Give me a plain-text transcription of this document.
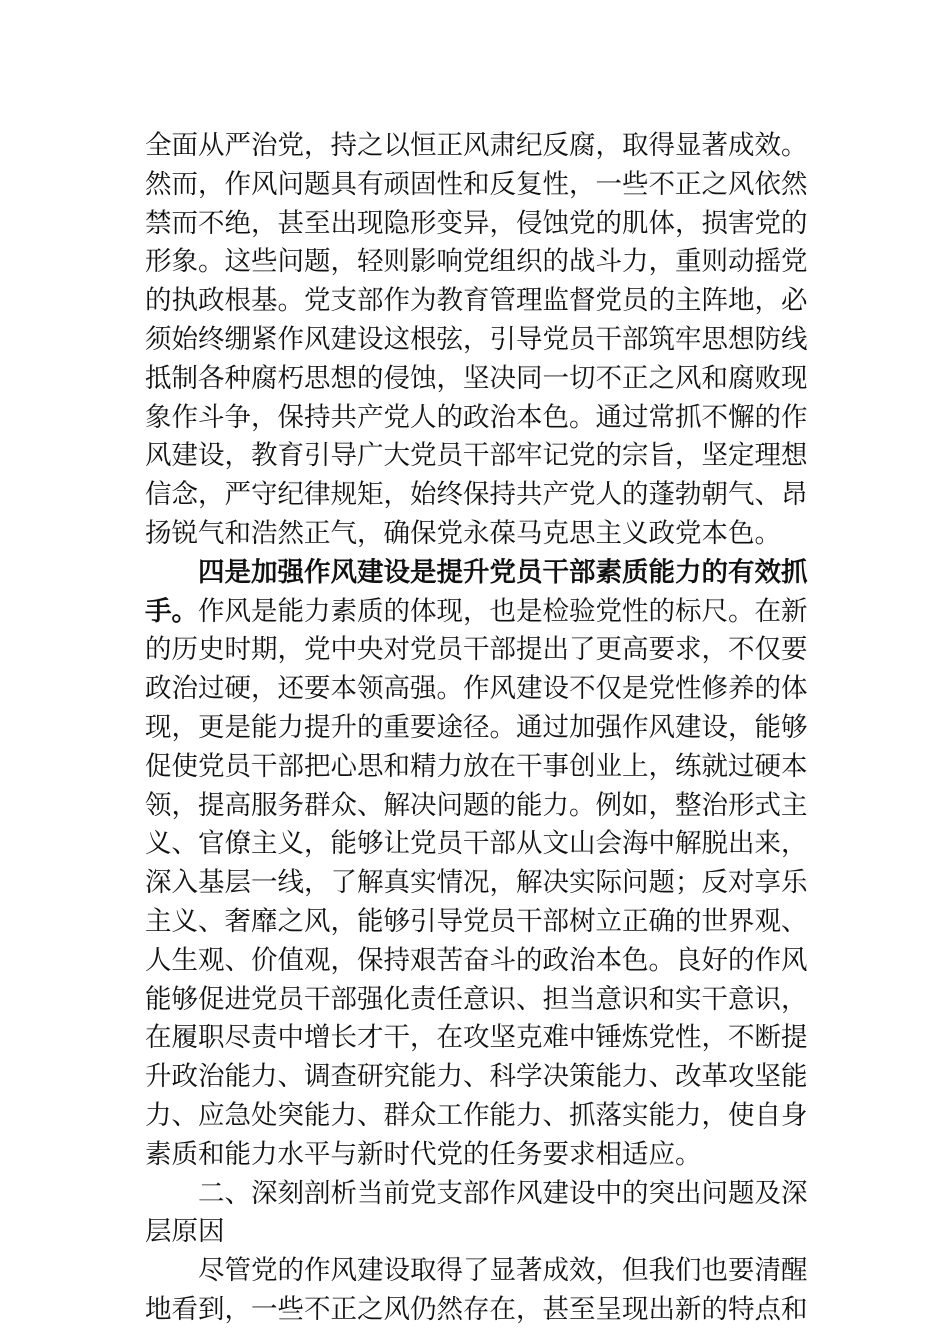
全面从严治党，持之以恒正风肃纪反腐，取得显著成效。
然而，作风问题具有顽固性和反复性，一些不正之风依然
禁而不绝，甚至出现隐形变异，侵蚀党的肌体，损害党的
形象。这些问题，轻则影响党组织的战斗力，重则动摇党
的执政根基。党支部作为教育管理监督党员的主阵地，必
须始终绷紧作风建设这根弦，引导党员干部筑牢思想防线
抵制各种腐朽思想的侵蚀，坚决同一切不正之风和腐败现
象作斗争，保持共产党人的政治本色。通过常抓不懈的作
风建设，教育引导广大党员干部牢记党的宗旨，坚定理想
信念，严守纪律规矩，始终保持共产党人的蓬勃朝气、昂
扬锐气和浩然正气，确保党永葆马克思主义政党本色。
四是加强作风建设是提升党员干部素质能力的有效抓
手。作风是能力素质的体现，也是检验党性的标尺。在新
的历史时期，党中央对党员干部提出了更高要求，不仅要
政治过硬，还要本领高强。作风建设不仅是党性修养的体
现，更是能力提升的重要途径。通过加强作风建设，能够
促使党员干部把心思和精力放在干事创业上，练就过硬本
领，提高服务群众、解决问题的能力。例如，整治形式主
义、官僚主义，能够让党员干部从文山会海中解脱出来，
深入基层一线，了解真实情况，解决实际问题；反对享乐
主义、奢靡之风，能够引导党员干部树立正确的世界观、
人生观、价值观，保持艰苦奋斗的政治本色。良好的作风
能够促进党员干部强化责任意识、担当意识和实干意识，
在履职尽责中增长才干，在攻坚克难中锤炼党性，不断提
升政治能力、调查研究能力、科学决策能力、改革攻坚能
力、应急处突能力、群众工作能力、抓落实能力，使自身
素质和能力水平与新时代党的任务要求相适应。
二、深刻剖析当前党支部作风建设中的突出问题及深
层原因
尽管党的作风建设取得了显著成效，但我们也要清醒
地看到，一些不正之风仍然存在，甚至呈现出新的特点和
